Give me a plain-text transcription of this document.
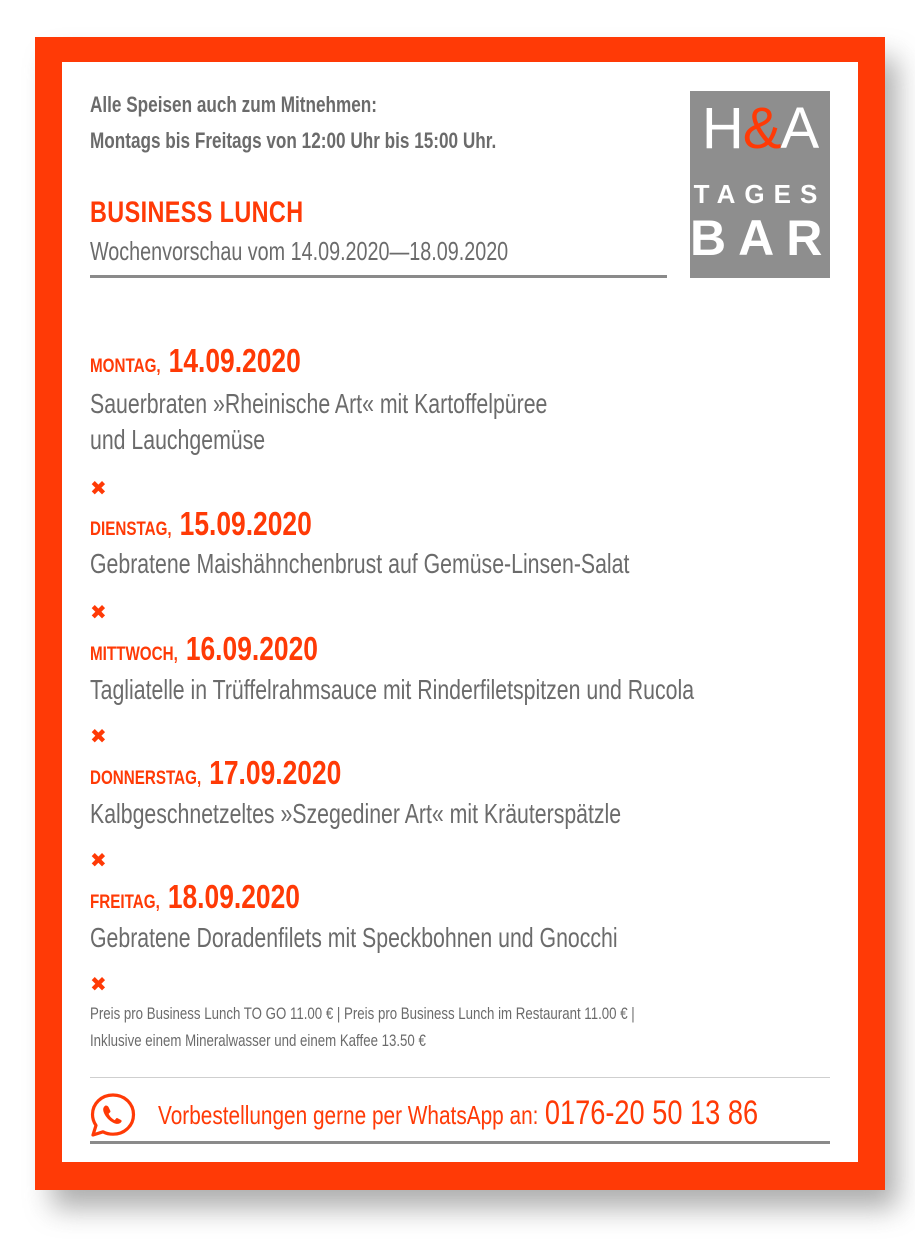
Alle Speisen auch zum Mitnehmen:
Montags bis Freitags von 12:00 Uhr bis 15:00 Uhr.
BUSINESS LUNCH
Wochenvorschau vom 14.09.2020—18.09.2020
H&A
TAGES
BAR
MONTAG, 14.09.2020
Sauerbraten »Rheinische Art« mit Kartoffelpüree
und Lauchgemüse
✖
DIENSTAG, 15.09.2020
Gebratene Maishähnchenbrust auf Gemüse-Linsen-Salat
✖
MITTWOCH, 16.09.2020
Tagliatelle in Trüffelrahmsauce mit Rinderfiletspitzen und Rucola
✖
DONNERSTAG, 17.09.2020
Kalbgeschnetzeltes »Szegediner Art« mit Kräuterspätzle
✖
FREITAG, 18.09.2020
Gebratene Doradenfilets mit Speckbohnen und Gnocchi
✖
Preis pro Business Lunch TO GO 11.00 € | Preis pro Business Lunch im Restaurant 11.00 € |
Inklusive einem Mineralwasser und einem Kaffee 13.50 €
Vorbestellungen gerne per WhatsApp an: 0176-20 50 13 86
